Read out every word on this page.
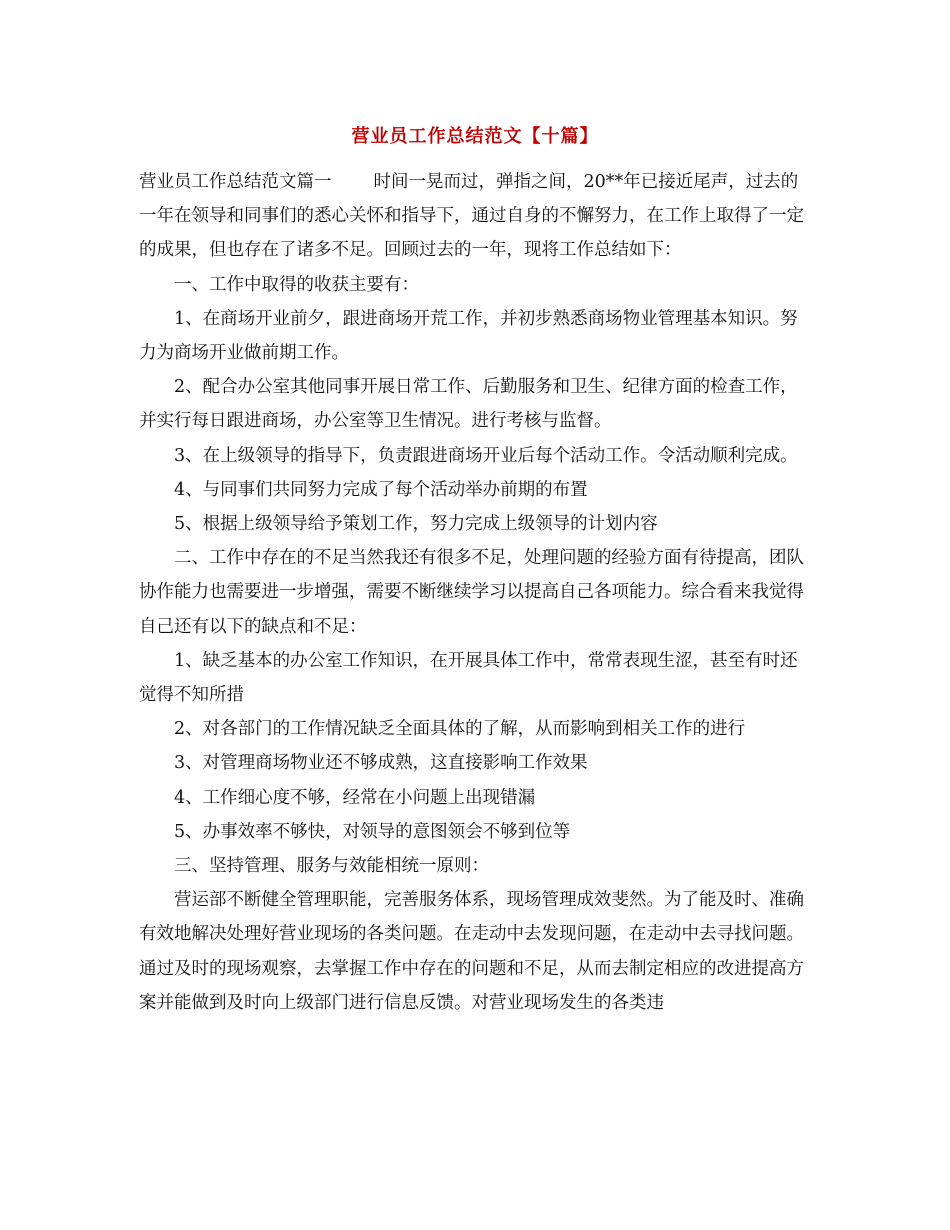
营业员工作总结范文【十篇】

营业员工作总结范文篇一 时间一晃而过，弹指之间，20**年已接近尾声，过去的一年在领导和同事们的悉心关怀和指导下，通过自身的不懈努力，在工作上取得了一定的成果，但也存在了诸多不足。回顾过去的一年，现将工作总结如下：

一、工作中取得的收获主要有：

1、在商场开业前夕，跟进商场开荒工作，并初步熟悉商场物业管理基本知识。努力为商场开业做前期工作。

2、配合办公室其他同事开展日常工作、后勤服务和卫生、纪律方面的检查工作，并实行每日跟进商场，办公室等卫生情况。进行考核与监督。

3、在上级领导的指导下，负责跟进商场开业后每个活动工作。令活动顺利完成。

4、与同事们共同努力完成了每个活动举办前期的布置

5、根据上级领导给予策划工作，努力完成上级领导的计划内容

二、工作中存在的不足当然我还有很多不足，处理问题的经验方面有待提高，团队协作能力也需要进一步增强，需要不断继续学习以提高自己各项能力。综合看来我觉得自己还有以下的缺点和不足：

1、缺乏基本的办公室工作知识，在开展具体工作中，常常表现生涩，甚至有时还觉得不知所措

2、对各部门的工作情况缺乏全面具体的了解，从而影响到相关工作的进行

3、对管理商场物业还不够成熟，这直接影响工作效果

4、工作细心度不够，经常在小问题上出现错漏

5、办事效率不够快，对领导的意图领会不够到位等

三、坚持管理、服务与效能相统一原则：

营运部不断健全管理职能，完善服务体系，现场管理成效斐然。为了能及时、准确有效地解决处理好营业现场的各类问题。在走动中去发现问题，在走动中去寻找问题。通过及时的现场观察，去掌握工作中存在的问题和不足，从而去制定相应的改进提高方案并能做到及时向上级部门进行信息反馈。对营业现场发生的各类违
